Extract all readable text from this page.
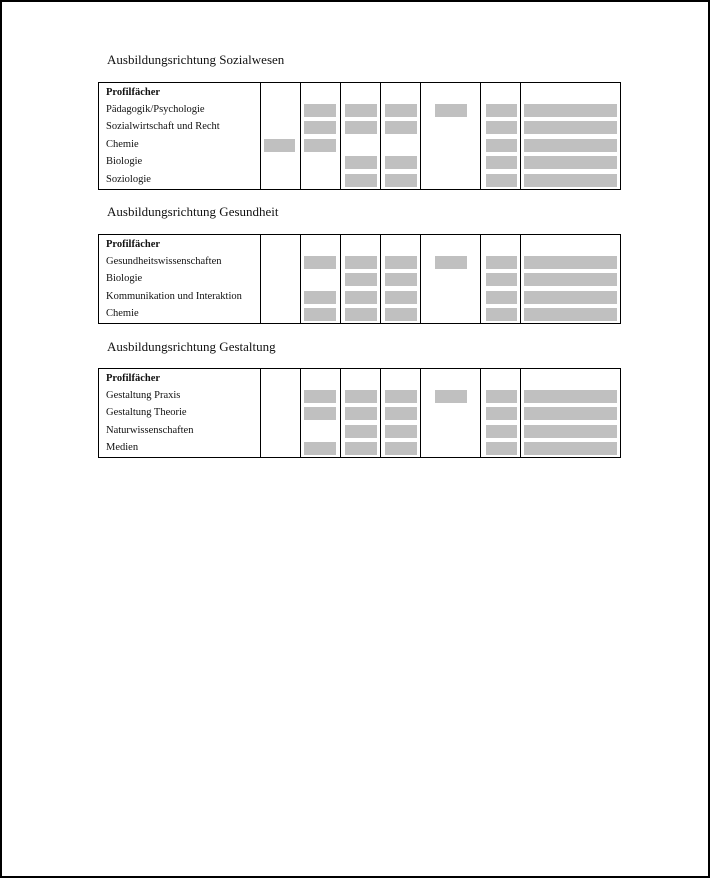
Ausbildungsrichtung Sozialwesen
Profilfächer
Pädagogik/Psychologie
Sozialwirtschaft und Recht
Chemie
Biologie
Soziologie
Ausbildungsrichtung Gesundheit
Profilfächer
Gesundheitswissenschaften
Biologie
Kommunikation und Interaktion
Chemie
Ausbildungsrichtung Gestaltung
Profilfächer
Gestaltung Praxis
Gestaltung Theorie
Naturwissenschaften
Medien
